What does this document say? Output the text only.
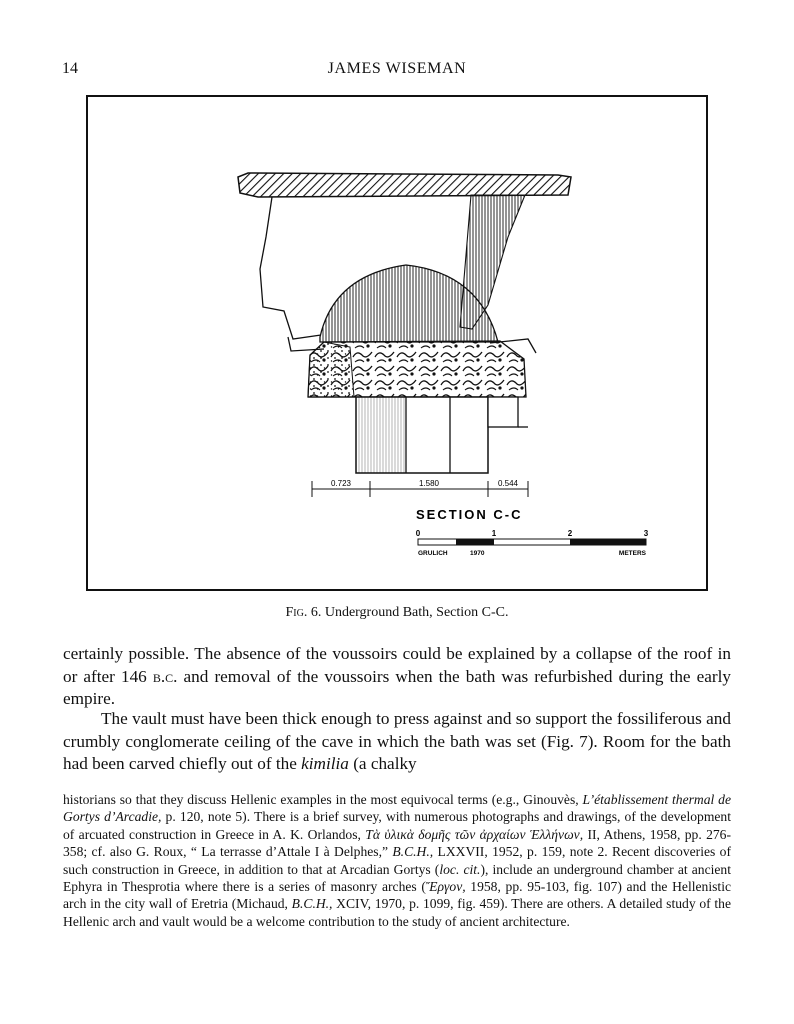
14	JAMES WISEMAN
0.723	1.580	0.544
SECTION C-C
0	1	2	3
GRULICH	1970	METERS
Fig. 6. Underground Bath, Section C-C.

certainly possible. The absence of the voussoirs could be explained by a collapse of the roof in or after 146 b.c. and removal of the voussoirs when the bath was refurbished during the early empire.

The vault must have been thick enough to press against and so support the fossiliferous and crumbly conglomerate ceiling of the cave in which the bath was set (Fig. 7). Room for the bath had been carved chiefly out of the kimilia (a chalky

historians so that they discuss Hellenic examples in the most equivocal terms (e.g., Ginouvès, L’établissement thermal de Gortys d’Arcadie, p. 120, note 5). There is a brief survey, with numerous photographs and drawings, of the development of arcuated construction in Greece in A. K. Orlandos, Τὰ ὑλικὰ δομῆς τῶν ἀρχαίων Ἑλλήνων, II, Athens, 1958, pp. 276-358; cf. also G. Roux, “ La terrasse d’Attale I à Delphes,” B.C.H., LXXVII, 1952, p. 159, note 2. Recent discoveries of such construction in Greece, in addition to that at Arcadian Gortys (loc. cit.), include an underground chamber at ancient Ephyra in Thesprotia where there is a series of masonry arches (Ἔργον, 1958, pp. 95-103, fig. 107) and the Hellenistic arch in the city wall of Eretria (Michaud, B.C.H., XCIV, 1970, p. 1099, fig. 459). There are others. A detailed study of the Hellenic arch and vault would be a welcome contribution to the study of ancient architecture.
